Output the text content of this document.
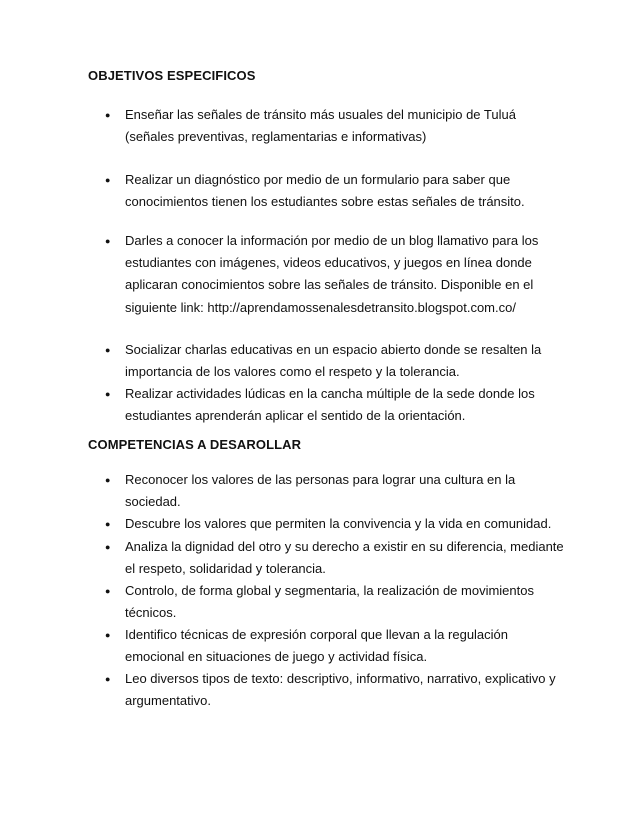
OBJETIVOS ESPECIFICOS
● Enseñar las señales de tránsito más usuales del municipio de Tuluá
(señales preventivas, reglamentarias e informativas)

● Realizar un diagnóstico por medio de un formulario para saber que
conocimientos tienen los estudiantes sobre estas señales de tránsito.

● Darles a conocer la información por medio de un blog llamativo para los
estudiantes con imágenes, videos educativos, y juegos en línea donde
aplicaran conocimientos sobre las señales de tránsito. Disponible en el
siguiente link: http://aprendamossenalesdetransito.blogspot.com.co/

● Socializar charlas educativas en un espacio abierto donde se resalten la
importancia de los valores como el respeto y la tolerancia.

● Realizar actividades lúdicas en la cancha múltiple de la sede donde los
estudiantes aprenderán aplicar el sentido de la orientación.

COMPETENCIAS A DESAROLLAR
● Reconocer los valores de las personas para lograr una cultura en la
sociedad.

● Descubre los valores que permiten la convivencia y la vida en comunidad.

● Analiza la dignidad del otro y su derecho a existir en su diferencia, mediante
el respeto, solidaridad y tolerancia.

● Controlo, de forma global y segmentaria, la realización de movimientos
técnicos.

● Identifico técnicas de expresión corporal que llevan a la regulación
emocional en situaciones de juego y actividad física.

● Leo diversos tipos de texto: descriptivo, informativo, narrativo, explicativo y
argumentativo.
